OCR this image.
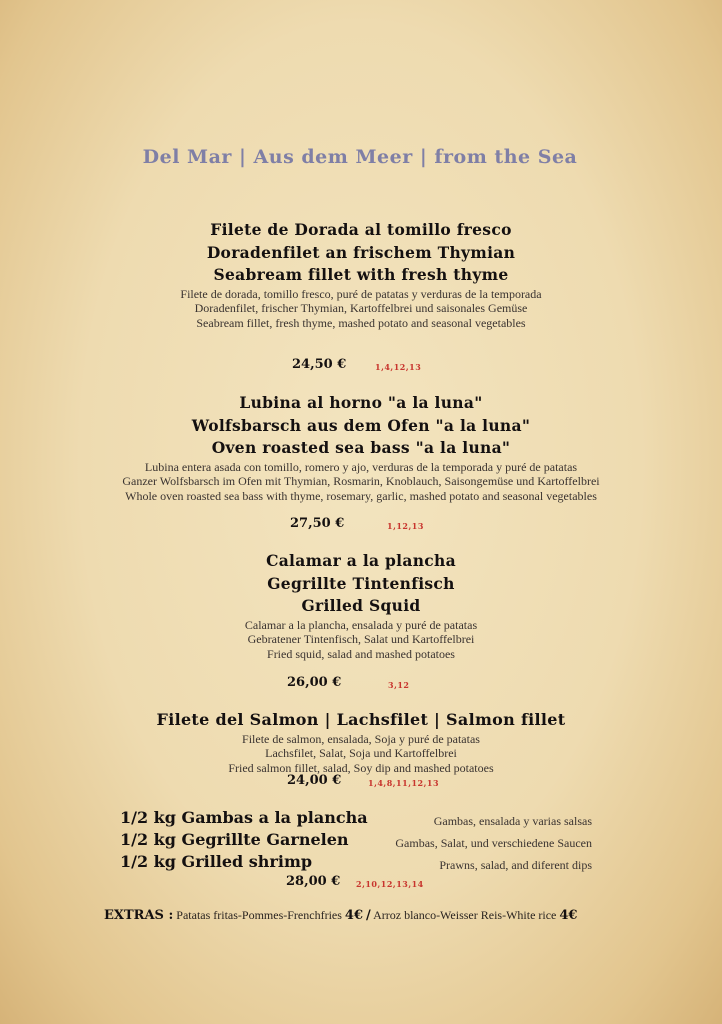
Del Mar | Aus dem Meer | from the Sea
Filete de Dorada al tomillo fresco
Doradenfilet an frischem Thymian
Seabream fillet with fresh thyme
Filete de dorada, tomillo fresco, puré de patatas y verduras de la temporada
Doradenfilet, frischer Thymian, Kartoffelbrei und saisonales Gemüse
Seabream fillet, fresh thyme, mashed potato and seasonal vegetables
24,50 €	1,4,12,13
Lubina al horno "a la luna"
Wolfsbarsch aus dem Ofen "a la luna"
Oven roasted sea bass "a la luna"
Lubina entera asada con tomillo, romero y ajo, verduras de la temporada y puré de patatas
Ganzer Wolfsbarsch im Ofen mit Thymian, Rosmarin, Knoblauch, Saisongemüse und Kartoffelbrei
Whole oven roasted sea bass with thyme, rosemary, garlic, mashed potato and seasonal vegetables
27,50 €	1,12,13
Calamar a la plancha
Gegrillte Tintenfisch
Grilled Squid
Calamar a la plancha, ensalada y puré de patatas
Gebratener Tintenfisch, Salat und Kartoffelbrei
Fried squid, salad and mashed potatoes
26,00 €	3,12
Filete del Salmon | Lachsfilet | Salmon fillet
Filete de salmon, ensalada, Soja y puré de patatas
Lachsfilet, Salat, Soja und Kartoffelbrei
Fried salmon fillet, salad, Soy dip and mashed potatoes
24,00 €	1,4,8,11,12,13
1/2 kg Gambas a la plancha	Gambas, ensalada y varias salsas
1/2 kg Gegrillte Garnelen	Gambas, Salat, und verschiedene Saucen
1/2 kg Grilled shrimp	Prawns, salad, and diferent dips
28,00 € 2,10,12,13,14
EXTRAS : Patatas fritas-Pommes-Frenchfries 4€ / Arroz blanco-Weisser Reis-White rice 4€
